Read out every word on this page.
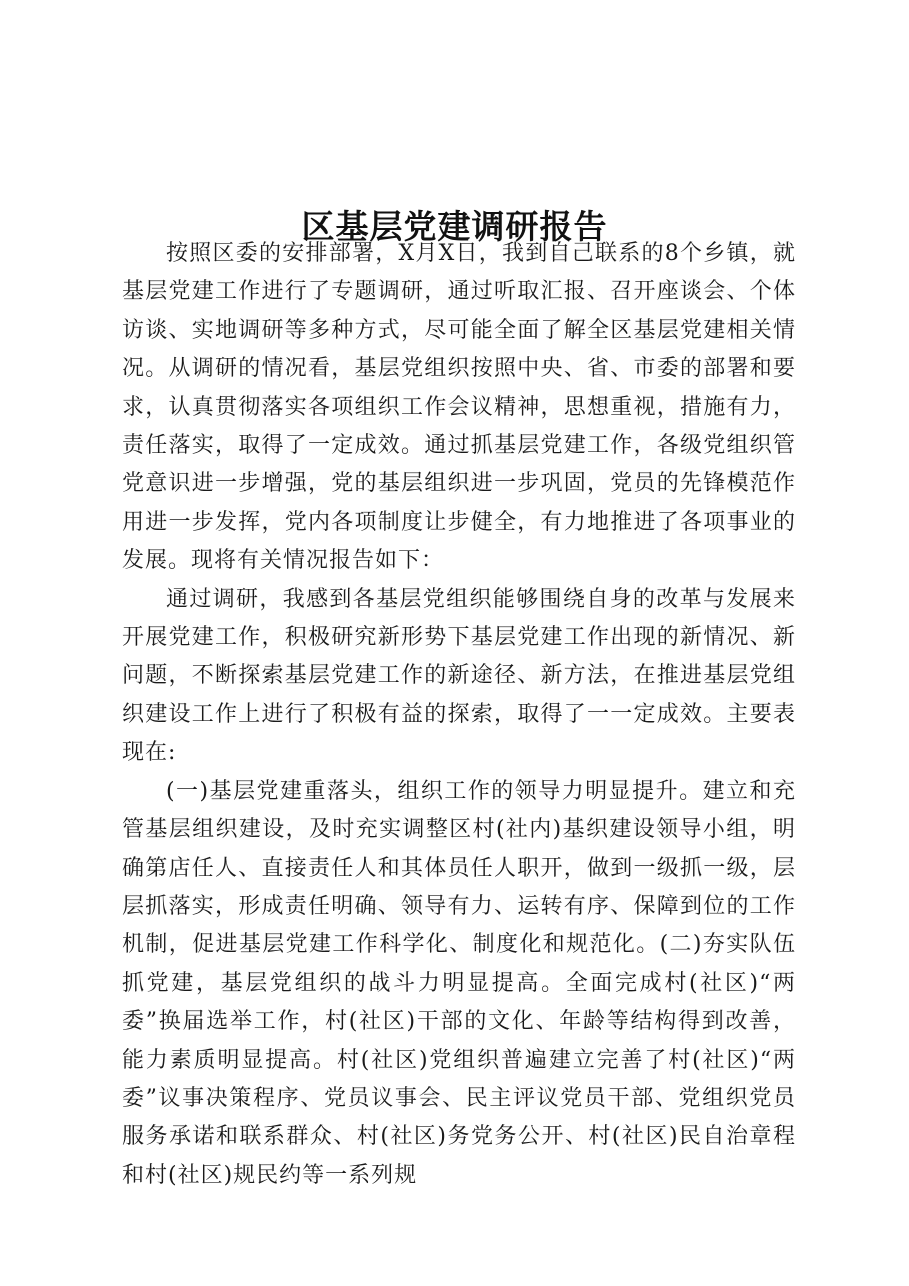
区基层党建调研报告

按照区委的安排部署，X月X日，我到自己联系的8个乡镇，就基层党建工作进行了专题调研，通过听取汇报、召开座谈会、个体访谈、实地调研等多种方式，尽可能全面了解全区基层党建相关情况。从调研的情况看，基层党组织按照中央、省、市委的部署和要求，认真贯彻落实各项组织工作会议精神，思想重视，措施有力，责任落实，取得了一定成效。通过抓基层党建工作，各级党组织管党意识进一步增强，党的基层组织进一步巩固，党员的先锋模范作用进一步发挥，党内各项制度让步健全，有力地推进了各项事业的发展。现将有关情况报告如下：

通过调研，我感到各基层党组织能够围绕自身的改革与发展来开展党建工作，积极研究新形势下基层党建工作出现的新情况、新问题，不断探索基层党建工作的新途径、新方法，在推进基层党组织建设工作上进行了积极有益的探索，取得了一一定成效。主要表现在:

(一)基层党建重落头，组织工作的领导力明显提升。建立和充管基层组织建设，及时充实调整区村(社内)基织建设领导小组，明确第店任人、直接责任人和其体员任人职开，做到一级抓一级，层层抓落实，形成责任明确、领导有力、运转有序、保障到位的工作机制，促进基层党建工作科学化、制度化和规范化。(二)夯实队伍抓党建，基层党组织的战斗力明显提高。全面完成村(社区)“两委”换届选举工作，村(社区)干部的文化、年龄等结构得到改善，能力素质明显提高。村(社区)党组织普遍建立完善了村(社区)“两委”议事决策程序、党员议事会、民主评议党员干部、党组织党员服务承诺和联系群众、村(社区)务党务公开、村(社区)民自治章程和村(社区)规民约等一系列规
